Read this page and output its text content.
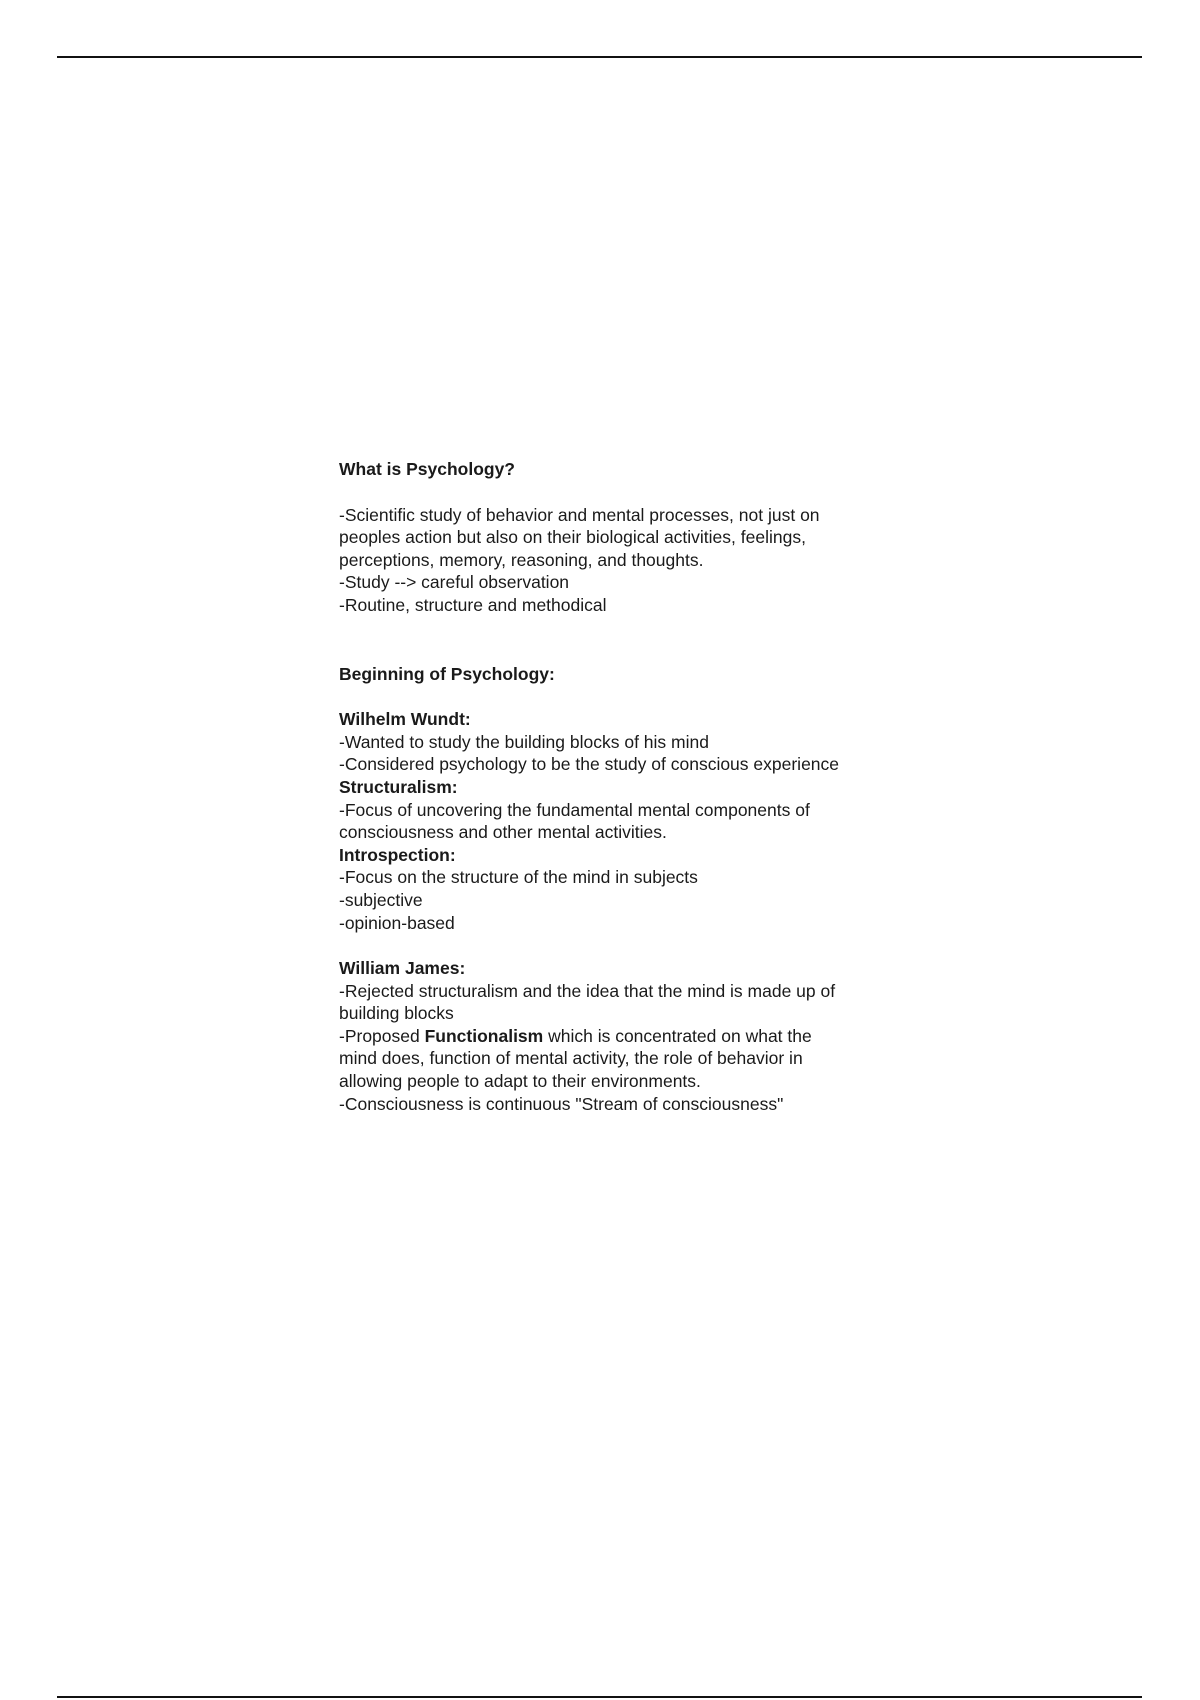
What is Psychology?

-Scientific study of behavior and mental processes, not just on

peoples action but also on their biological activities, feelings,

perceptions, memory, reasoning, and thoughts.

-Study --> careful observation

-Routine, structure and methodical

Beginning of Psychology:

Wilhelm Wundt:

-Wanted to study the building blocks of his mind

-Considered psychology to be the study of conscious experience

Structuralism:

-Focus of uncovering the fundamental mental components of

consciousness and other mental activities.

Introspection:

-Focus on the structure of the mind in subjects

-subjective

-opinion-based

William James:

-Rejected structuralism and the idea that the mind is made up of

building blocks

-Proposed Functionalism which is concentrated on what the

mind does, function of mental activity, the role of behavior in

allowing people to adapt to their environments.

-Consciousness is continuous "Stream of consciousness"
